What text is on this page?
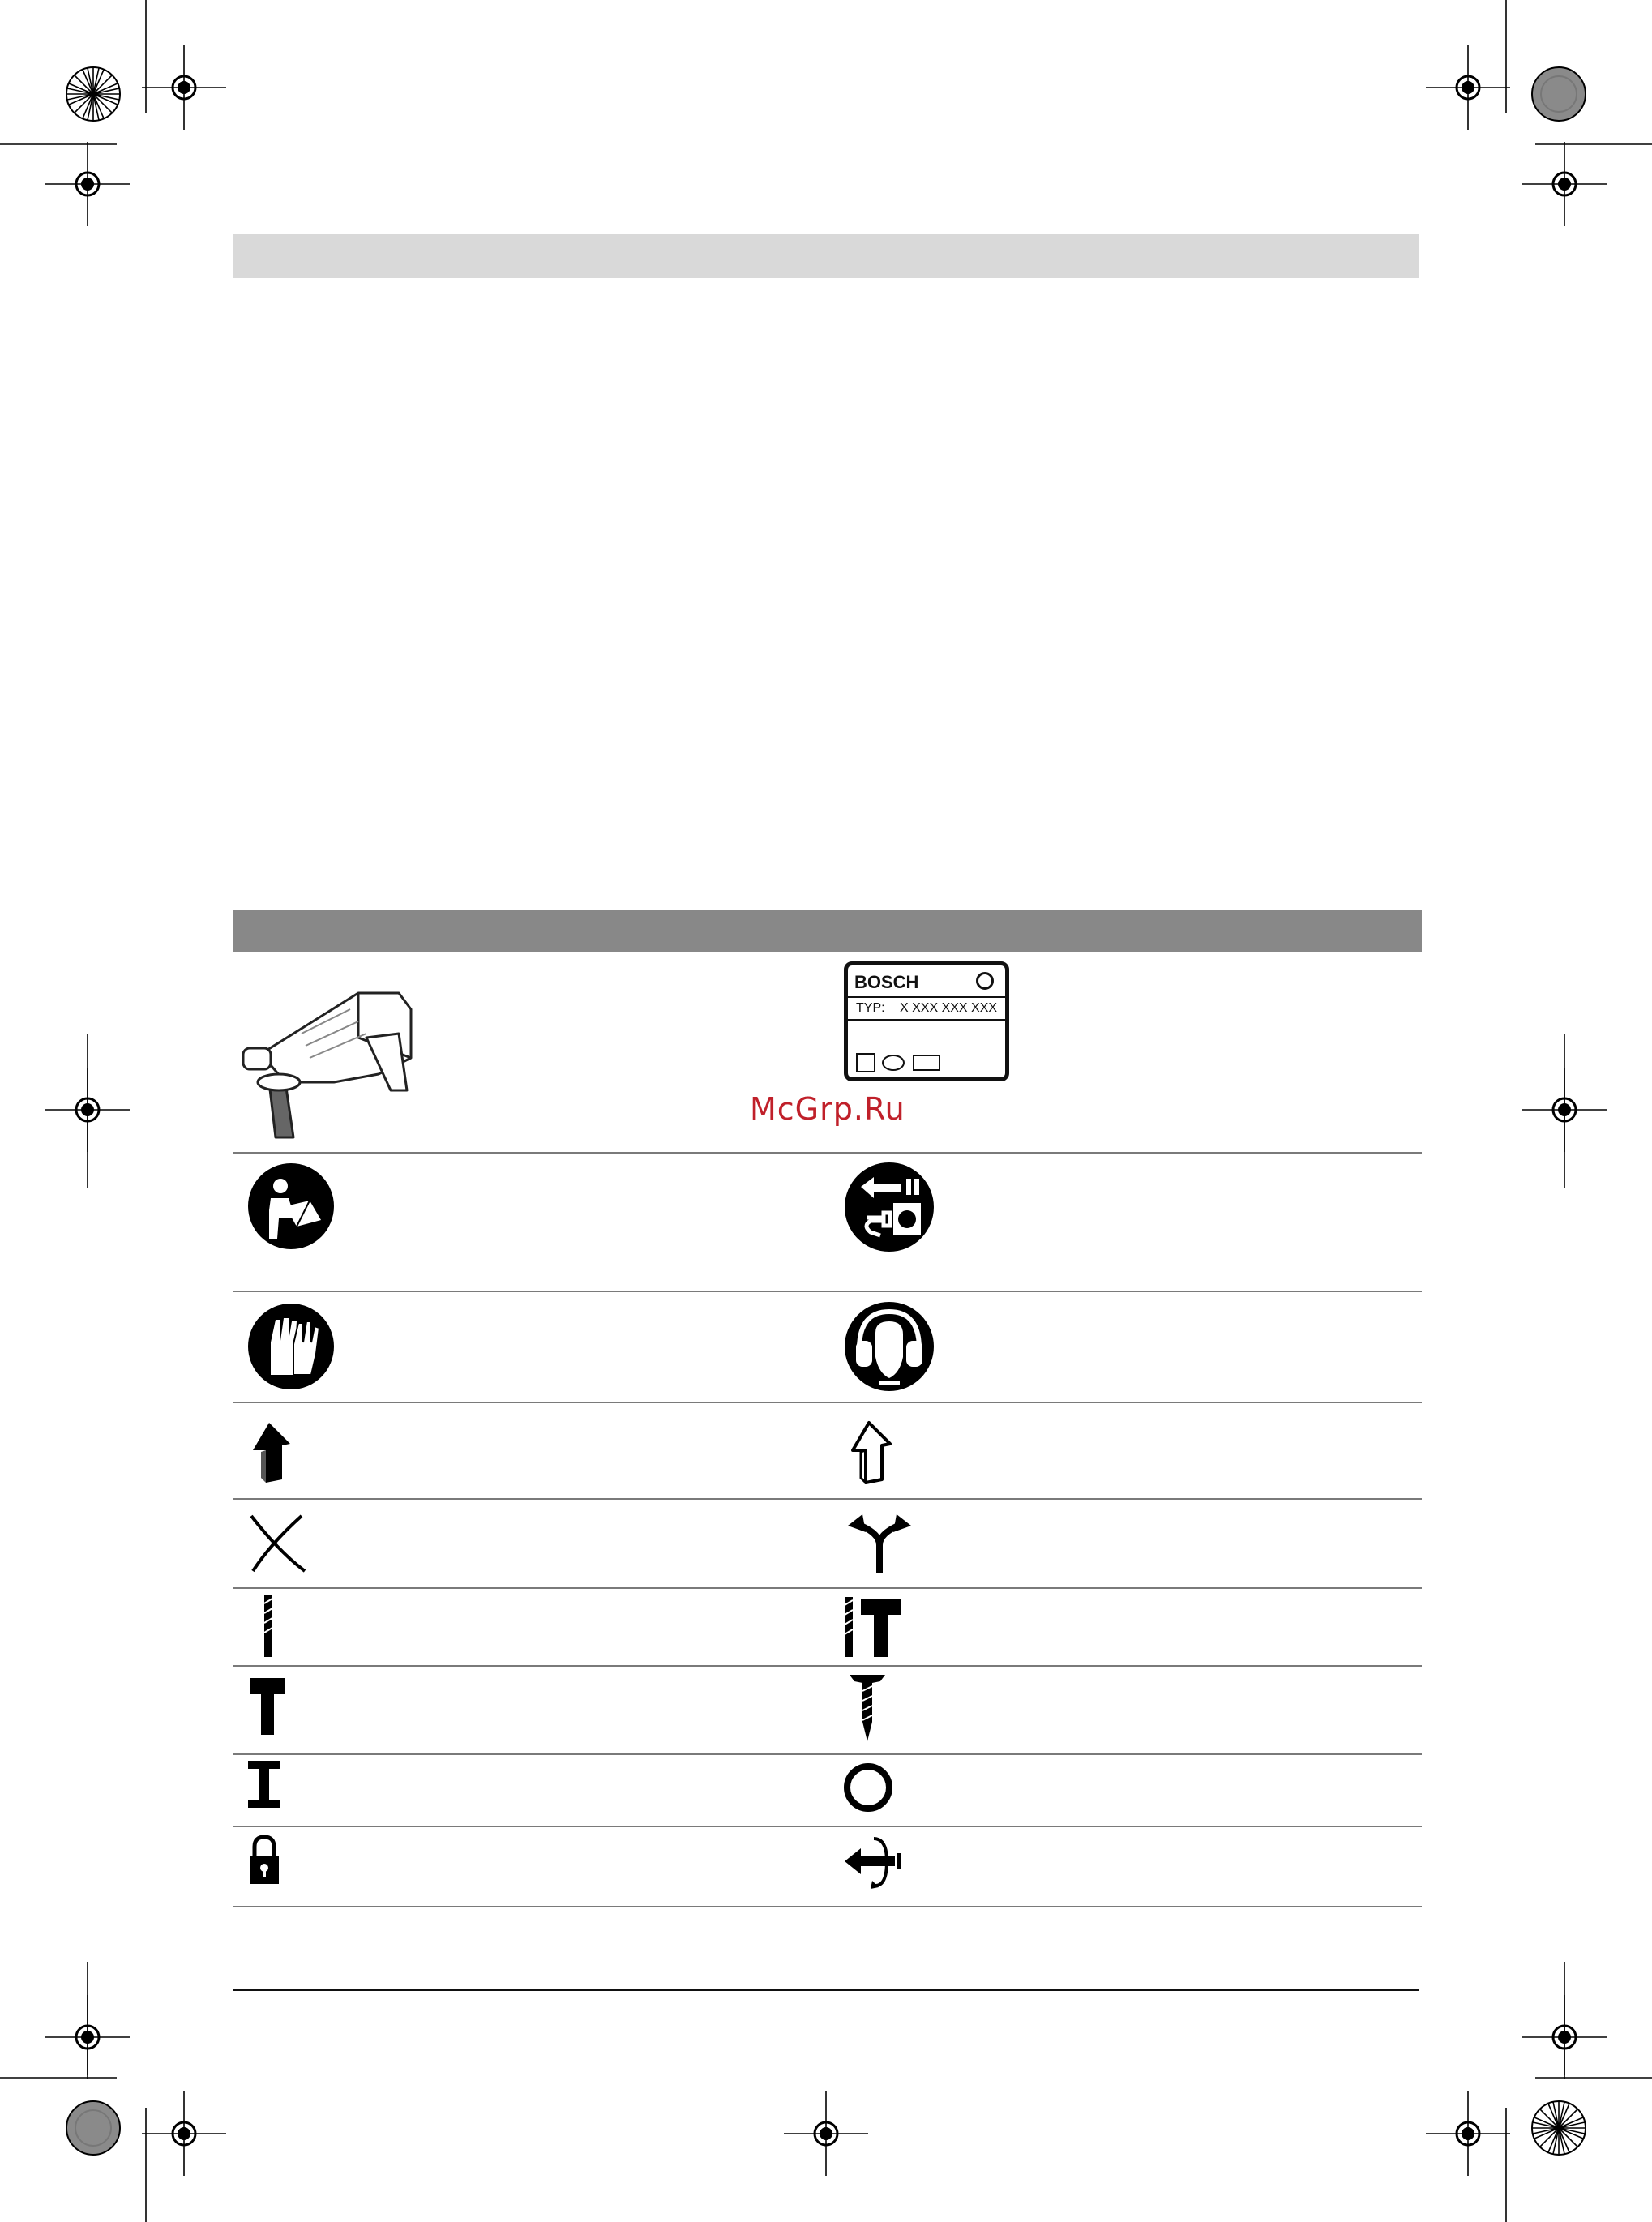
BOSCH
TYP: X XXX XXX XXX
McGrp.Ru
